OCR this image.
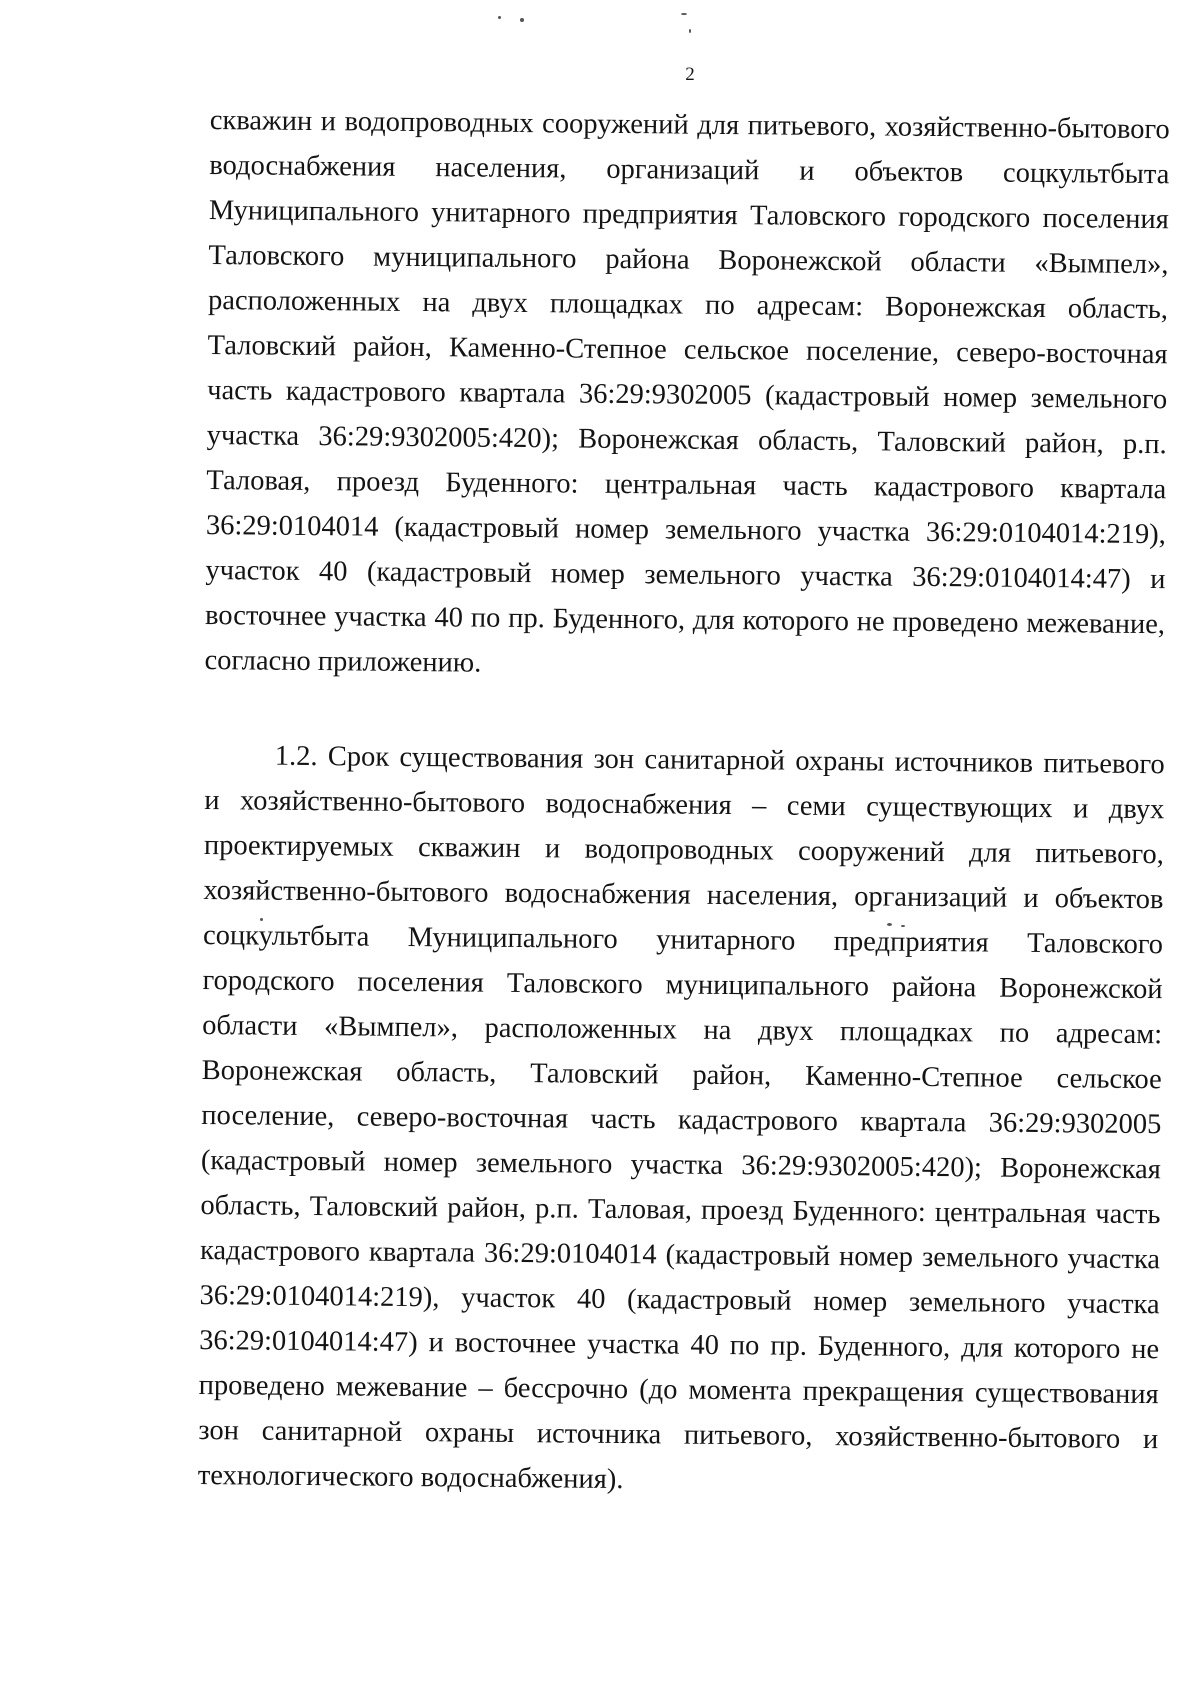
2

скважин и водопроводных сооружений для питьевого, хозяйственно-бытового водоснабжения населения, организаций и объектов соцкультбыта Муниципального унитарного предприятия Таловского городского поселения Таловского муниципального района Воронежской области «Вымпел», расположенных на двух площадках по адресам: Воронежская область, Таловский район, Каменно-Степное сельское поселение, северо-восточная часть кадастрового квартала 36:29:9302005 (кадастровый номер земельного участка 36:29:9302005:420); Воронежская область, Таловский район, р.п. Таловая, проезд Буденного: центральная часть кадастрового квартала 36:29:0104014 (кадастровый номер земельного участка 36:29:0104014:219), участок 40 (кадастровый номер земельного участка 36:29:0104014:47) и восточнее участка 40 по пр. Буденного, для которого не проведено межевание, согласно приложению.

1.2. Срок существования зон санитарной охраны источников питьевого и хозяйственно-бытового водоснабжения – семи существующих и двух проектируемых скважин и водопроводных сооружений для питьевого, хозяйственно-бытового водоснабжения населения, организаций и объектов соцкультбыта Муниципального унитарного предприятия Таловского городского поселения Таловского муниципального района Воронежской области «Вымпел», расположенных на двух площадках по адресам: Воронежская область, Таловский район, Каменно-Степное сельское поселение, северо-восточная часть кадастрового квартала 36:29:9302005 (кадастровый номер земельного участка 36:29:9302005:420); Воронежская область, Таловский район, р.п. Таловая, проезд Буденного: центральная часть кадастрового квартала 36:29:0104014 (кадастровый номер земельного участка 36:29:0104014:219), участок 40 (кадастровый номер земельного участка 36:29:0104014:47) и восточнее участка 40 по пр. Буденного, для которого не проведено межевание – бессрочно (до момента прекращения существования зон санитарной охраны источника питьевого, хозяйственно-бытового и технологического водоснабжения).
